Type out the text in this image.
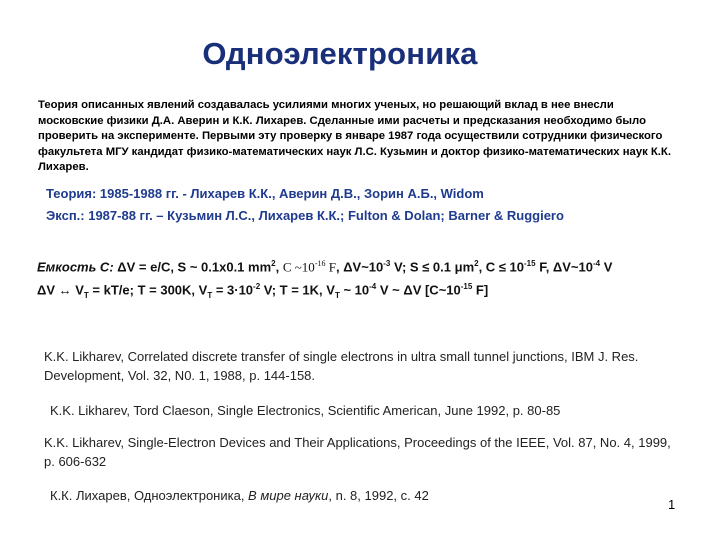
Одноэлектроника
Теория описанных явлений создавалась усилиями многих ученых, но решающий вклад в нее внесли московские физики Д.А. Аверин и К.К. Лихарев. Сделанные ими расчеты и предсказания необходимо было проверить на эксперименте. Первыми эту проверку в январе 1987 года осуществили сотрудники физического факультета МГУ кандидат физико-математических наук Л.С. Кузьмин и доктор физико-математических наук К.К. Лихарев.
Теория: 1985-1988 гг. - Лихарев К.К., Аверин Д.В., Зорин А.Б., Widom
Эксп.: 1987-88 гг. – Кузьмин Л.С., Лихарев К.К.; Fulton & Dolan; Barner & Ruggiero
Емкость С: ΔV = e/C, S ~ 0.1x0.1 $mm^2$, C $\sim 10^{-16}$ F, $\Delta V\sim 10^{-3}$ V; S ≤ 0.1 $\mu m^2$, $C \le 10^{-15}$ F, $\Delta V\sim 10^{-4}$ V
ΔV ↔ $V_T = kT/e$; T = 300K, $V_T = 3\cdot 10^{-2}$ V; T = 1K, $V_T$ ~ $10^{-4}$ V ~ ΔV [$C\sim 10^{-15}$ F]
K.K. Likharev, Correlated discrete transfer of single electrons in ultra small tunnel junctions, IBM J. Res. Development, Vol. 32, N0. 1, 1988, p. 144-158.
K.K. Likharev, Tord Claeson, Single Electronics, Scientific American, June 1992, p. 80-85
K.K. Likharev, Single-Electron Devices and Their Applications, Proceedings of the IEEE, Vol. 87, No. 4, 1999, p. 606-632
К.К. Лихарев, Одноэлектроника, В мире науки, n. 8, 1992, с. 42
1
